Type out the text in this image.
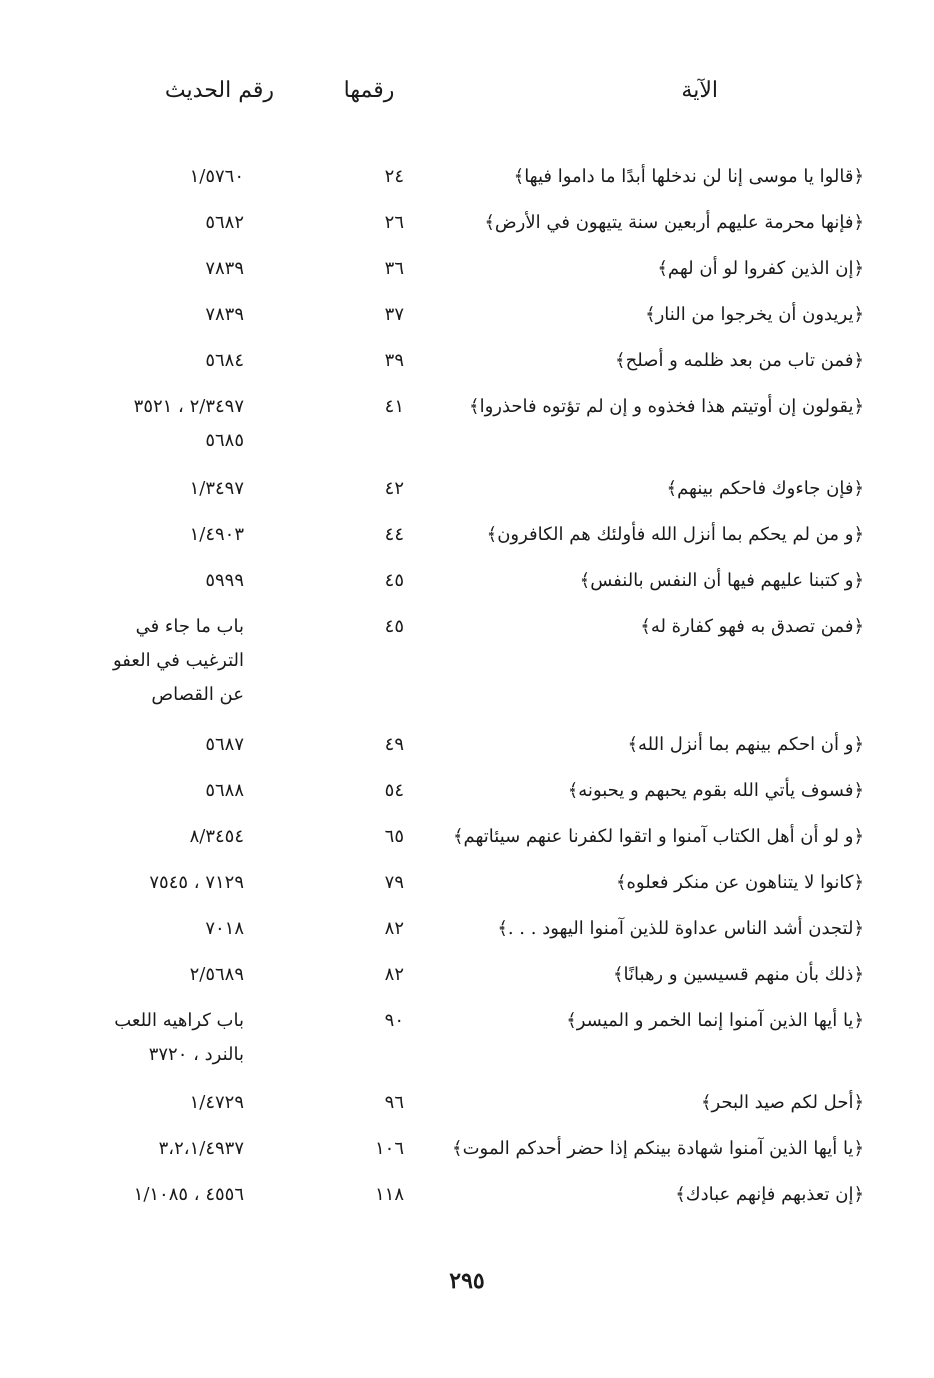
الآية
رقمها
رقم الحديث
﴿قالوا يا موسى إنا لن ندخلها أبدًا ما داموا فيها﴾
٢٤
١/٥٧٦٠
﴿فإنها محرمة عليهم أربعين سنة يتيهون في الأرض﴾
٢٦
٥٦٨٢
﴿إن الذين كفروا لو أن لهم﴾
٣٦
٧٨٣٩
﴿يريدون أن يخرجوا من النار﴾
٣٧
٧٨٣٩
﴿فمن تاب من بعد ظلمه و أصلح﴾
٣٩
٥٦٨٤
﴿يقولون إن أوتيتم هذا فخذوه و إن لم تؤتوه فاحذروا﴾
٤١
٢/٣٤٩٧ ، ٣٥٢١
٥٦٨٥
﴿فإن جاءوك فاحكم بينهم﴾
٤٢
١/٣٤٩٧
﴿و من لم يحكم بما أنزل الله فأولئك هم الكافرون﴾
٤٤
١/٤٩٠٣
﴿و كتبنا عليهم فيها أن النفس بالنفس﴾
٤٥
٥٩٩٩
﴿فمن تصدق به فهو كفارة له﴾
٤٥
باب ما جاء في
الترغيب في العفو
عن القصاص
﴿و أن احكم بينهم بما أنزل الله﴾
٤٩
٥٦٨٧
﴿فسوف يأتي الله بقوم يحبهم و يحبونه﴾
٥٤
٥٦٨٨
﴿و لو أن أهل الكتاب آمنوا و اتقوا لكفرنا عنهم سيئاتهم﴾
٦٥
٨/٣٤٥٤
﴿كانوا لا يتناهون عن منكر فعلوه﴾
٧٩
٧١٢٩ ، ٧٥٤٥
﴿لتجدن أشد الناس عداوة للذين آمنوا اليهود . . .﴾
٨٢
٧٠١٨
﴿ذلك بأن منهم قسيسين و رهبانًا﴾
٨٢
٢/٥٦٨٩
﴿يا أيها الذين آمنوا إنما الخمر و الميسر﴾
٩٠
باب كراهيه اللعب
بالنرد ، ٣٧٢٠
﴿أحل لكم صيد البحر﴾
٩٦
١/٤٧٢٩
﴿يا أيها الذين آمنوا شهادة بينكم إذا حضر أحدكم الموت﴾
١٠٦
٣،٢،١/٤٩٣٧
﴿إن تعذبهم فإنهم عبادك﴾
١١٨
٤٥٥٦ ، ١/١٠٨٥
٢٩٥
